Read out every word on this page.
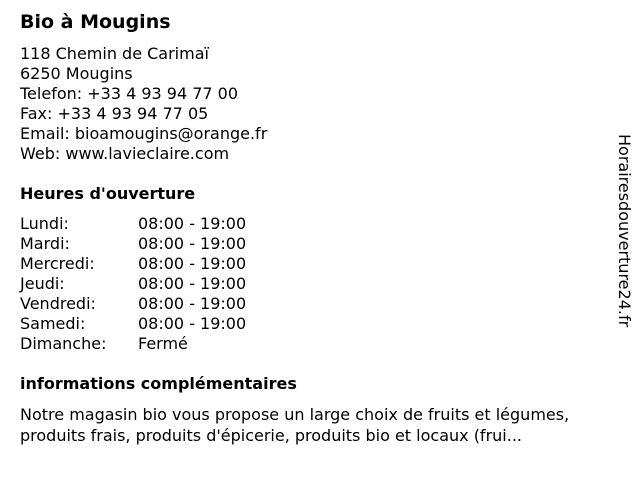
Bio à Mougins
118 Chemin de Carimaï
6250 Mougins
Telefon: +33 4 93 94 77 00
Fax: +33 4 93 94 77 05
Email: bioamougins@orange.fr
Web: www.lavieclaire.com
Heures d'ouverture
Lundi:	08:00 - 19:00
Mardi:	08:00 - 19:00
Mercredi:	08:00 - 19:00
Jeudi:	08:00 - 19:00
Vendredi:	08:00 - 19:00
Samedi:	08:00 - 19:00
Dimanche:	Fermé
informations complémentaires
Notre magasin bio vous propose un large choix de fruits et légumes, produits frais, produits d'épicerie, produits bio et locaux (frui...
Horairesdouverture24.fr
